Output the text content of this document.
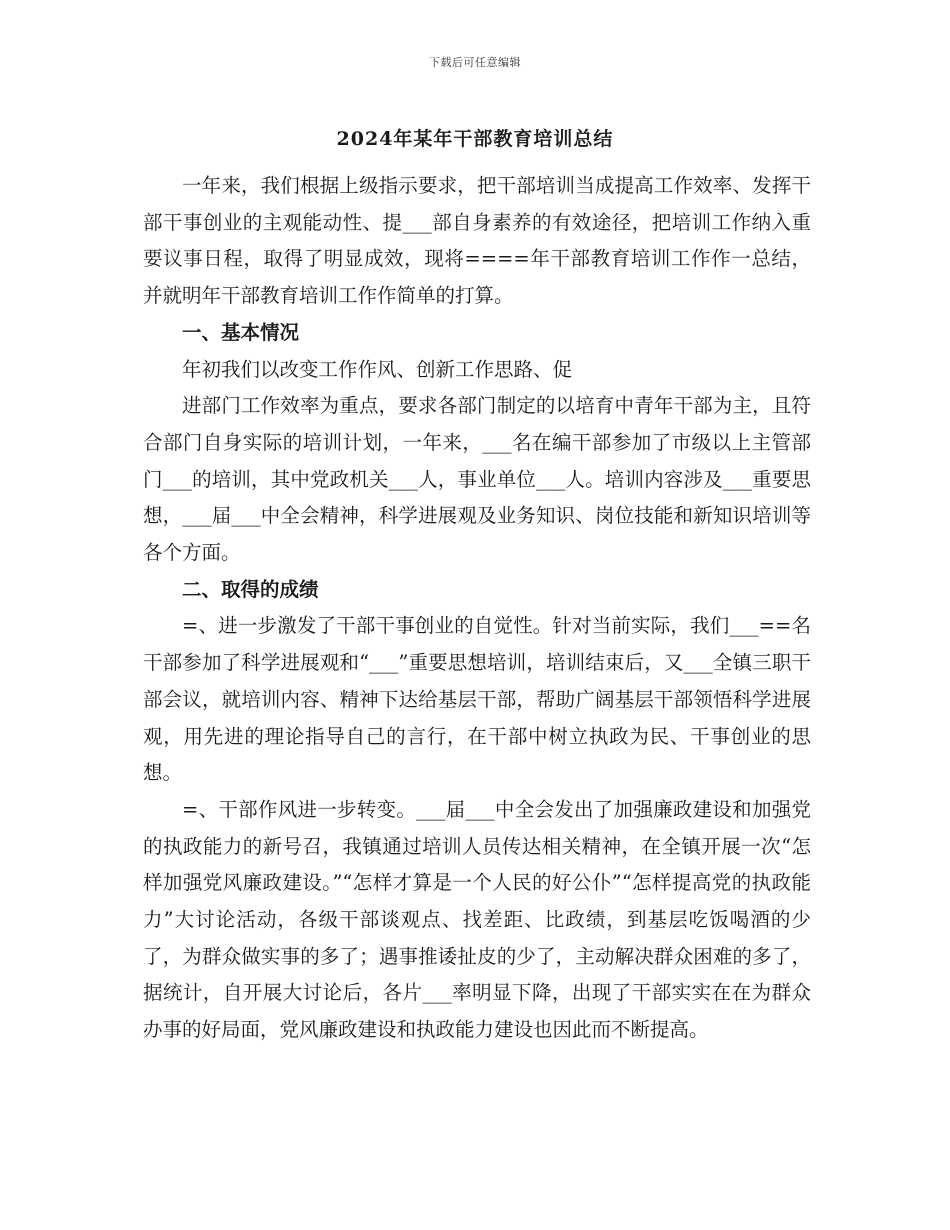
下载后可任意编辑
2024年某年干部教育培训总结

一年来，我们根据上级指示要求，把干部培训当成提高工作效率、发挥干部干事创业的主观能动性、提___部自身素养的有效途径，把培训工作纳入重要议事日程，取得了明显成效，现将====年干部教育培训工作作一总结，并就明年干部教育培训工作作简单的打算。

一、基本情况

年初我们以改变工作作风、创新工作思路、促

进部门工作效率为重点，要求各部门制定的以培育中青年干部为主，且符合部门自身实际的培训计划，一年来，___名在编干部参加了市级以上主管部门___的培训，其中党政机关___人，事业单位___人。培训内容涉及___重要思想，___届___中全会精神，科学进展观及业务知识、岗位技能和新知识培训等各个方面。

二、取得的成绩

=、进一步激发了干部干事创业的自觉性。针对当前实际，我们___==名干部参加了科学进展观和“___”重要思想培训，培训结束后，又___全镇三职干部会议，就培训内容、精神下达给基层干部，帮助广阔基层干部领悟科学进展观，用先进的理论指导自己的言行，在干部中树立执政为民、干事创业的思想。

=、干部作风进一步转变。___届___中全会发出了加强廉政建设和加强党的执政能力的新号召，我镇通过培训人员传达相关精神，在全镇开展一次“怎样加强党风廉政建设。”“怎样才算是一个人民的好公仆”“怎样提高党的执政能力”大讨论活动，各级干部谈观点、找差距、比政绩，到基层吃饭喝酒的少了，为群众做实事的多了；遇事推诿扯皮的少了，主动解决群众困难的多了，据统计，自开展大讨论后，各片___率明显下降，出现了干部实实在在为群众办事的好局面，党风廉政建设和执政能力建设也因此而不断提高。
